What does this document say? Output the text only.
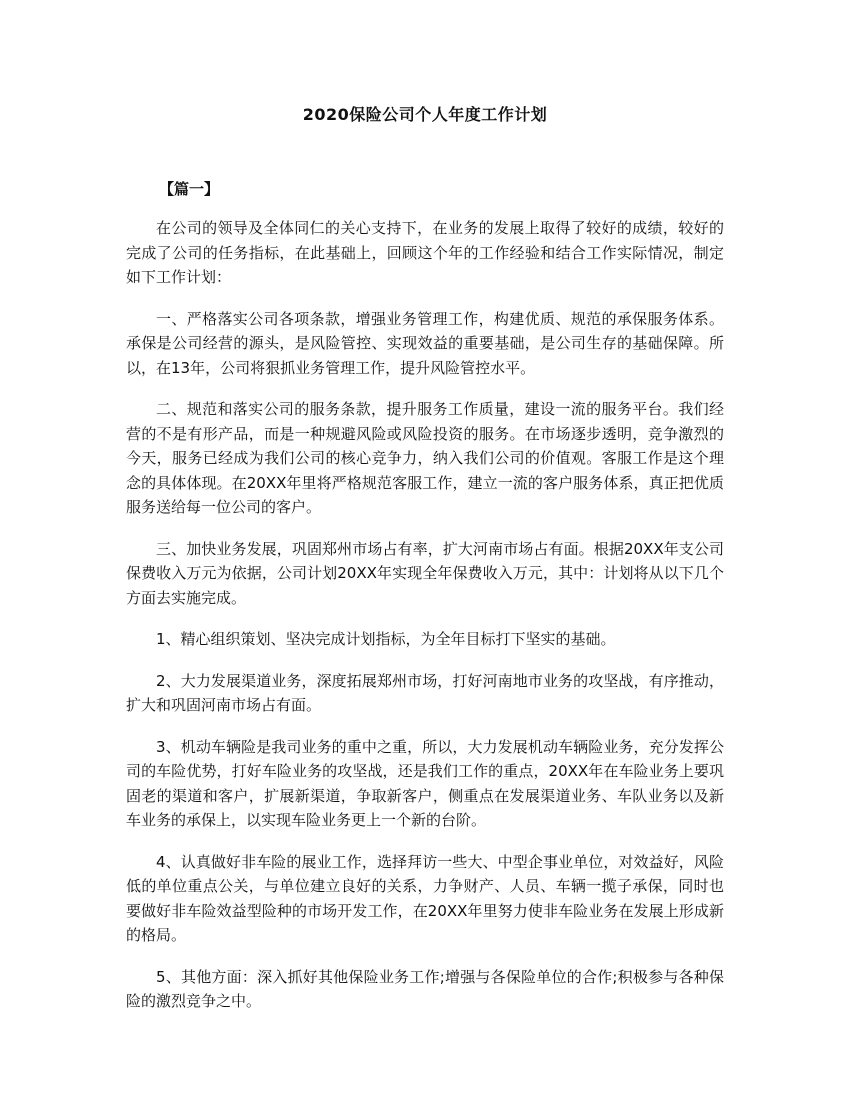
2020保险公司个人年度工作计划
【篇一】

在公司的领导及全体同仁的关心支持下，在业务的发展上取得了较好的成绩，较好的完成了公司的任务指标，在此基础上，回顾这个年的工作经验和结合工作实际情况，制定如下工作计划：

一、严格落实公司各项条款，增强业务管理工作，构建优质、规范的承保服务体系。承保是公司经营的源头，是风险管控、实现效益的重要基础，是公司生存的基础保障。所以，在13年，公司将狠抓业务管理工作，提升风险管控水平。

二、规范和落实公司的服务条款，提升服务工作质量，建设一流的服务平台。我们经营的不是有形产品，而是一种规避风险或风险投资的服务。在市场逐步透明，竞争激烈的今天，服务已经成为我们公司的核心竞争力，纳入我们公司的价值观。客服工作是这个理念的具体体现。在20XX年里将严格规范客服工作，建立一流的客户服务体系，真正把优质服务送给每一位公司的客户。

三、加快业务发展，巩固郑州市场占有率，扩大河南市场占有面。根据20XX年支公司保费收入万元为依据，公司计划20XX年实现全年保费收入万元，其中：计划将从以下几个方面去实施完成。

1、精心组织策划、坚决完成计划指标，为全年目标打下坚实的基础。

2、大力发展渠道业务，深度拓展郑州市场，打好河南地市业务的攻坚战，有序推动，扩大和巩固河南市场占有面。

3、机动车辆险是我司业务的重中之重，所以，大力发展机动车辆险业务，充分发挥公司的车险优势，打好车险业务的攻坚战，还是我们工作的重点，20XX年在车险业务上要巩固老的渠道和客户，扩展新渠道，争取新客户，侧重点在发展渠道业务、车队业务以及新车业务的承保上，以实现车险业务更上一个新的台阶。

4、认真做好非车险的展业工作，选择拜访一些大、中型企事业单位，对效益好，风险低的单位重点公关，与单位建立良好的关系，力争财产、人员、车辆一揽子承保，同时也要做好非车险效益型险种的市场开发工作，在20XX年里努力使非车险业务在发展上形成新的格局。

5、其他方面：深入抓好其他保险业务工作;增强与各保险单位的合作;积极参与各种保险的激烈竞争之中。
